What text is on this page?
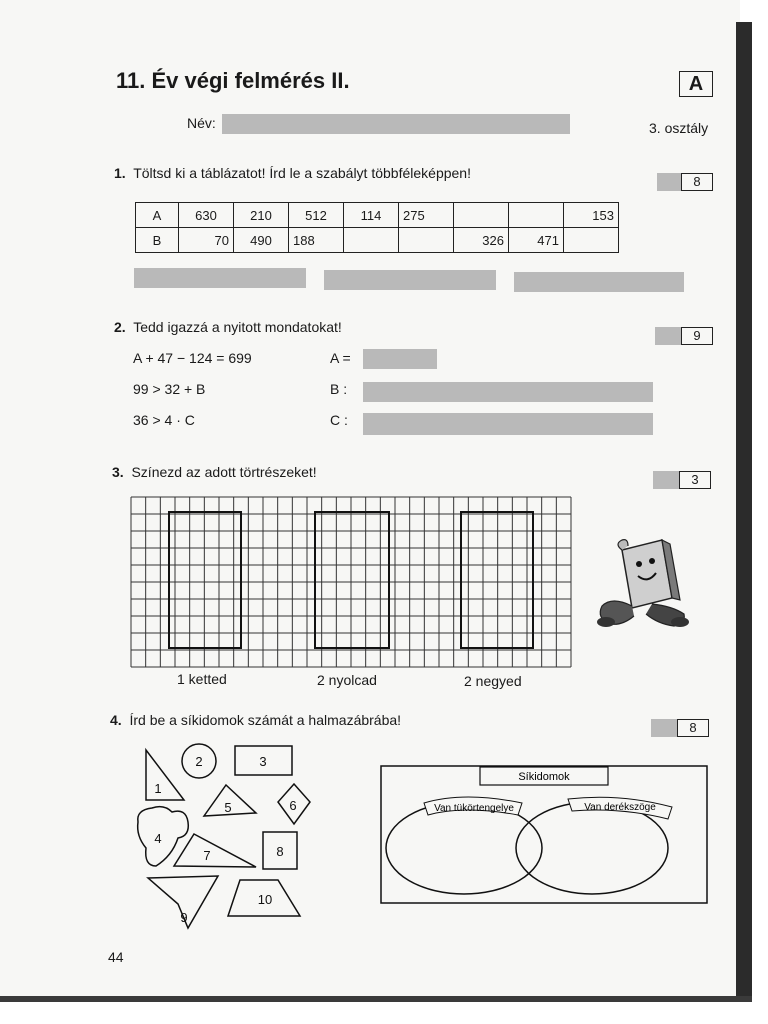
11. Év végi felmérés II.	A
Név:	3. osztály
1. Töltsd ki a táblázatot! Írd le a szabályt többféleképpen!
8
A	630	210	512	114	275			153
B	70	490	188			326	471	
2. Tedd igazzá a nyitott mondatokat!
9
A + 47 − 124 = 699
99 > 32 + B
36 > 4 · C
A =
B :
C :
3. Színezd az adott törtrészeket!	3
1 ketted	2 nyolcad	2 negyed
4. Írd be a síkidomok számát a halmazábrába!	8
1
2	3
4
5	6
7	8
9
10
Síkidomok
Van tükörtengelye	Van derékszöge
44
